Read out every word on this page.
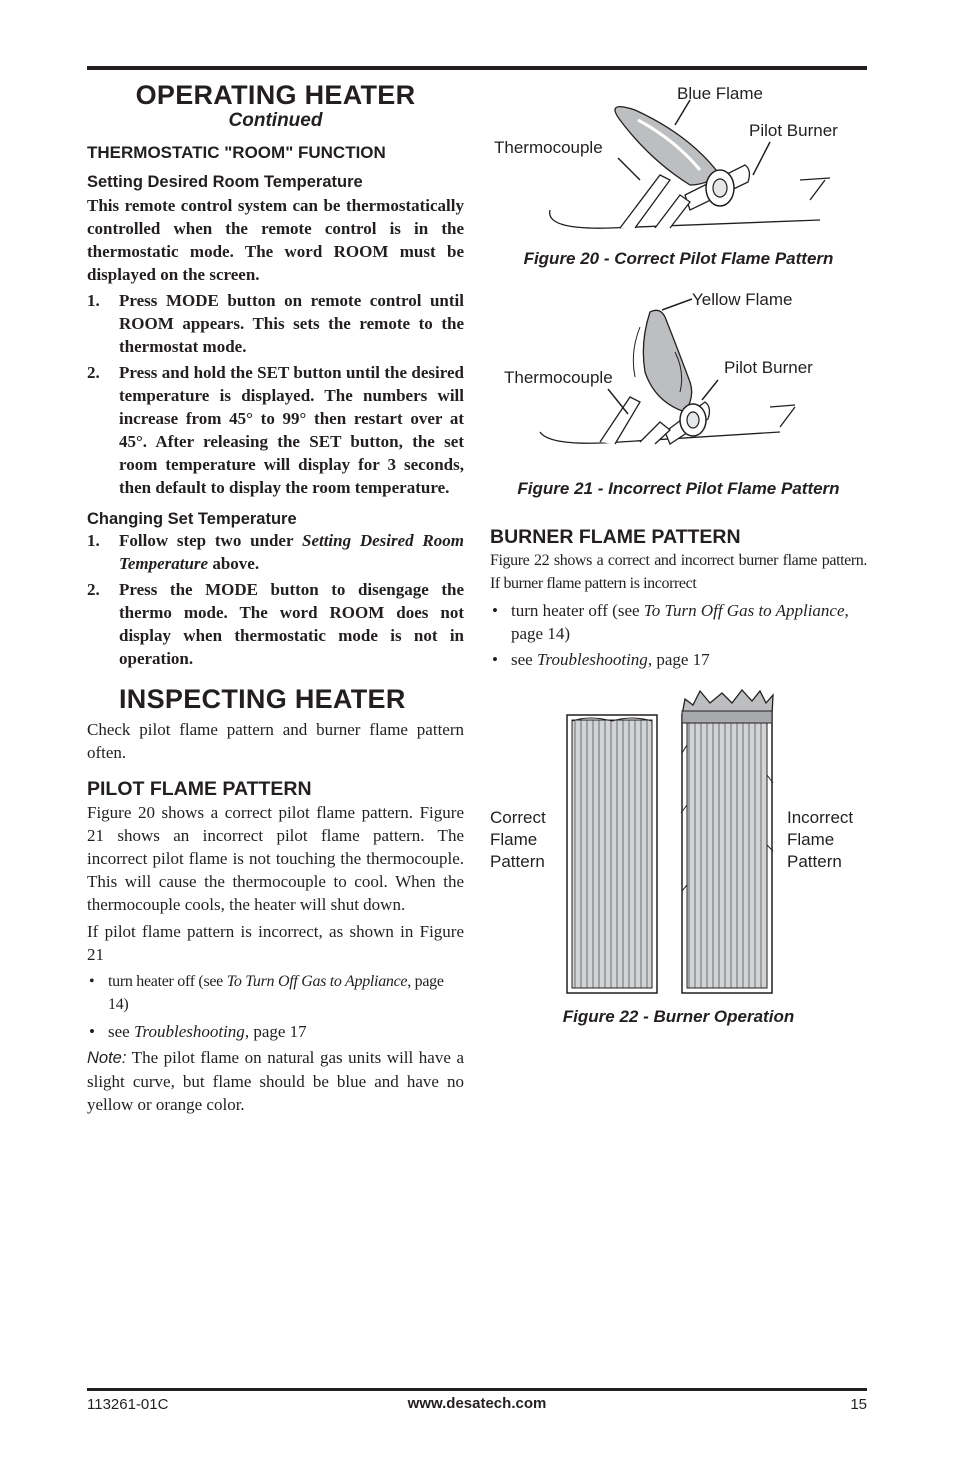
OPERATING HEATER
Continued
THERMOSTATIC "ROOM" FUNCTION
Setting Desired Room Temperature

This remote control system can be thermostatically controlled when the remote control is in the thermostatic mode. The word ROOM must be displayed on the screen.

1. Press MODE button on remote control until ROOM appears. This sets the remote to the thermostat mode.
2. Press and hold the SET button until the desired temperature is displayed. The numbers will increase from 45° to 99° then restart over at 45°. After releasing the SET button, the set room temperature will display for 3 seconds, then default to display the room temperature.
Changing Set Temperature
1. Follow step two under Setting Desired Room Temperature above.
2. Press the MODE button to disengage the thermo mode. The word ROOM does not display when thermostatic mode is not in operation.
INSPECTING HEATER

Check pilot flame pattern and burner flame pattern often.

PILOT FLAME PATTERN

Figure 20 shows a correct pilot flame pattern. Figure 21 shows an incorrect pilot flame pattern. The incorrect pilot flame is not touching the thermocouple. This will cause the thermocouple to cool. When the thermocouple cools, the heater will shut down.

If pilot flame pattern is incorrect, as shown in Figure 21

• turn heater off (see To Turn Off Gas to Appliance, page 14)
• see Troubleshooting, page 17

Note: The pilot flame on natural gas units will have a slight curve, but flame should be blue and have no yellow or orange color.

Blue Flame
Pilot Burner
Thermocouple
Figure 20 - Correct Pilot Flame Pattern
Yellow Flame
Pilot Burner
Thermocouple
Figure 21 - Incorrect Pilot Flame Pattern
BURNER FLAME PATTERN

Figure 22 shows a correct and incorrect burner flame pattern. If burner flame pattern is incorrect

• turn heater off (see To Turn Off Gas to Appliance, page 14)
• see Troubleshooting, page 17
Correct
Flame
Pattern
Incorrect
Flame
Pattern
Figure 22 - Burner Operation
113261-01C	www.desatech.com	15
